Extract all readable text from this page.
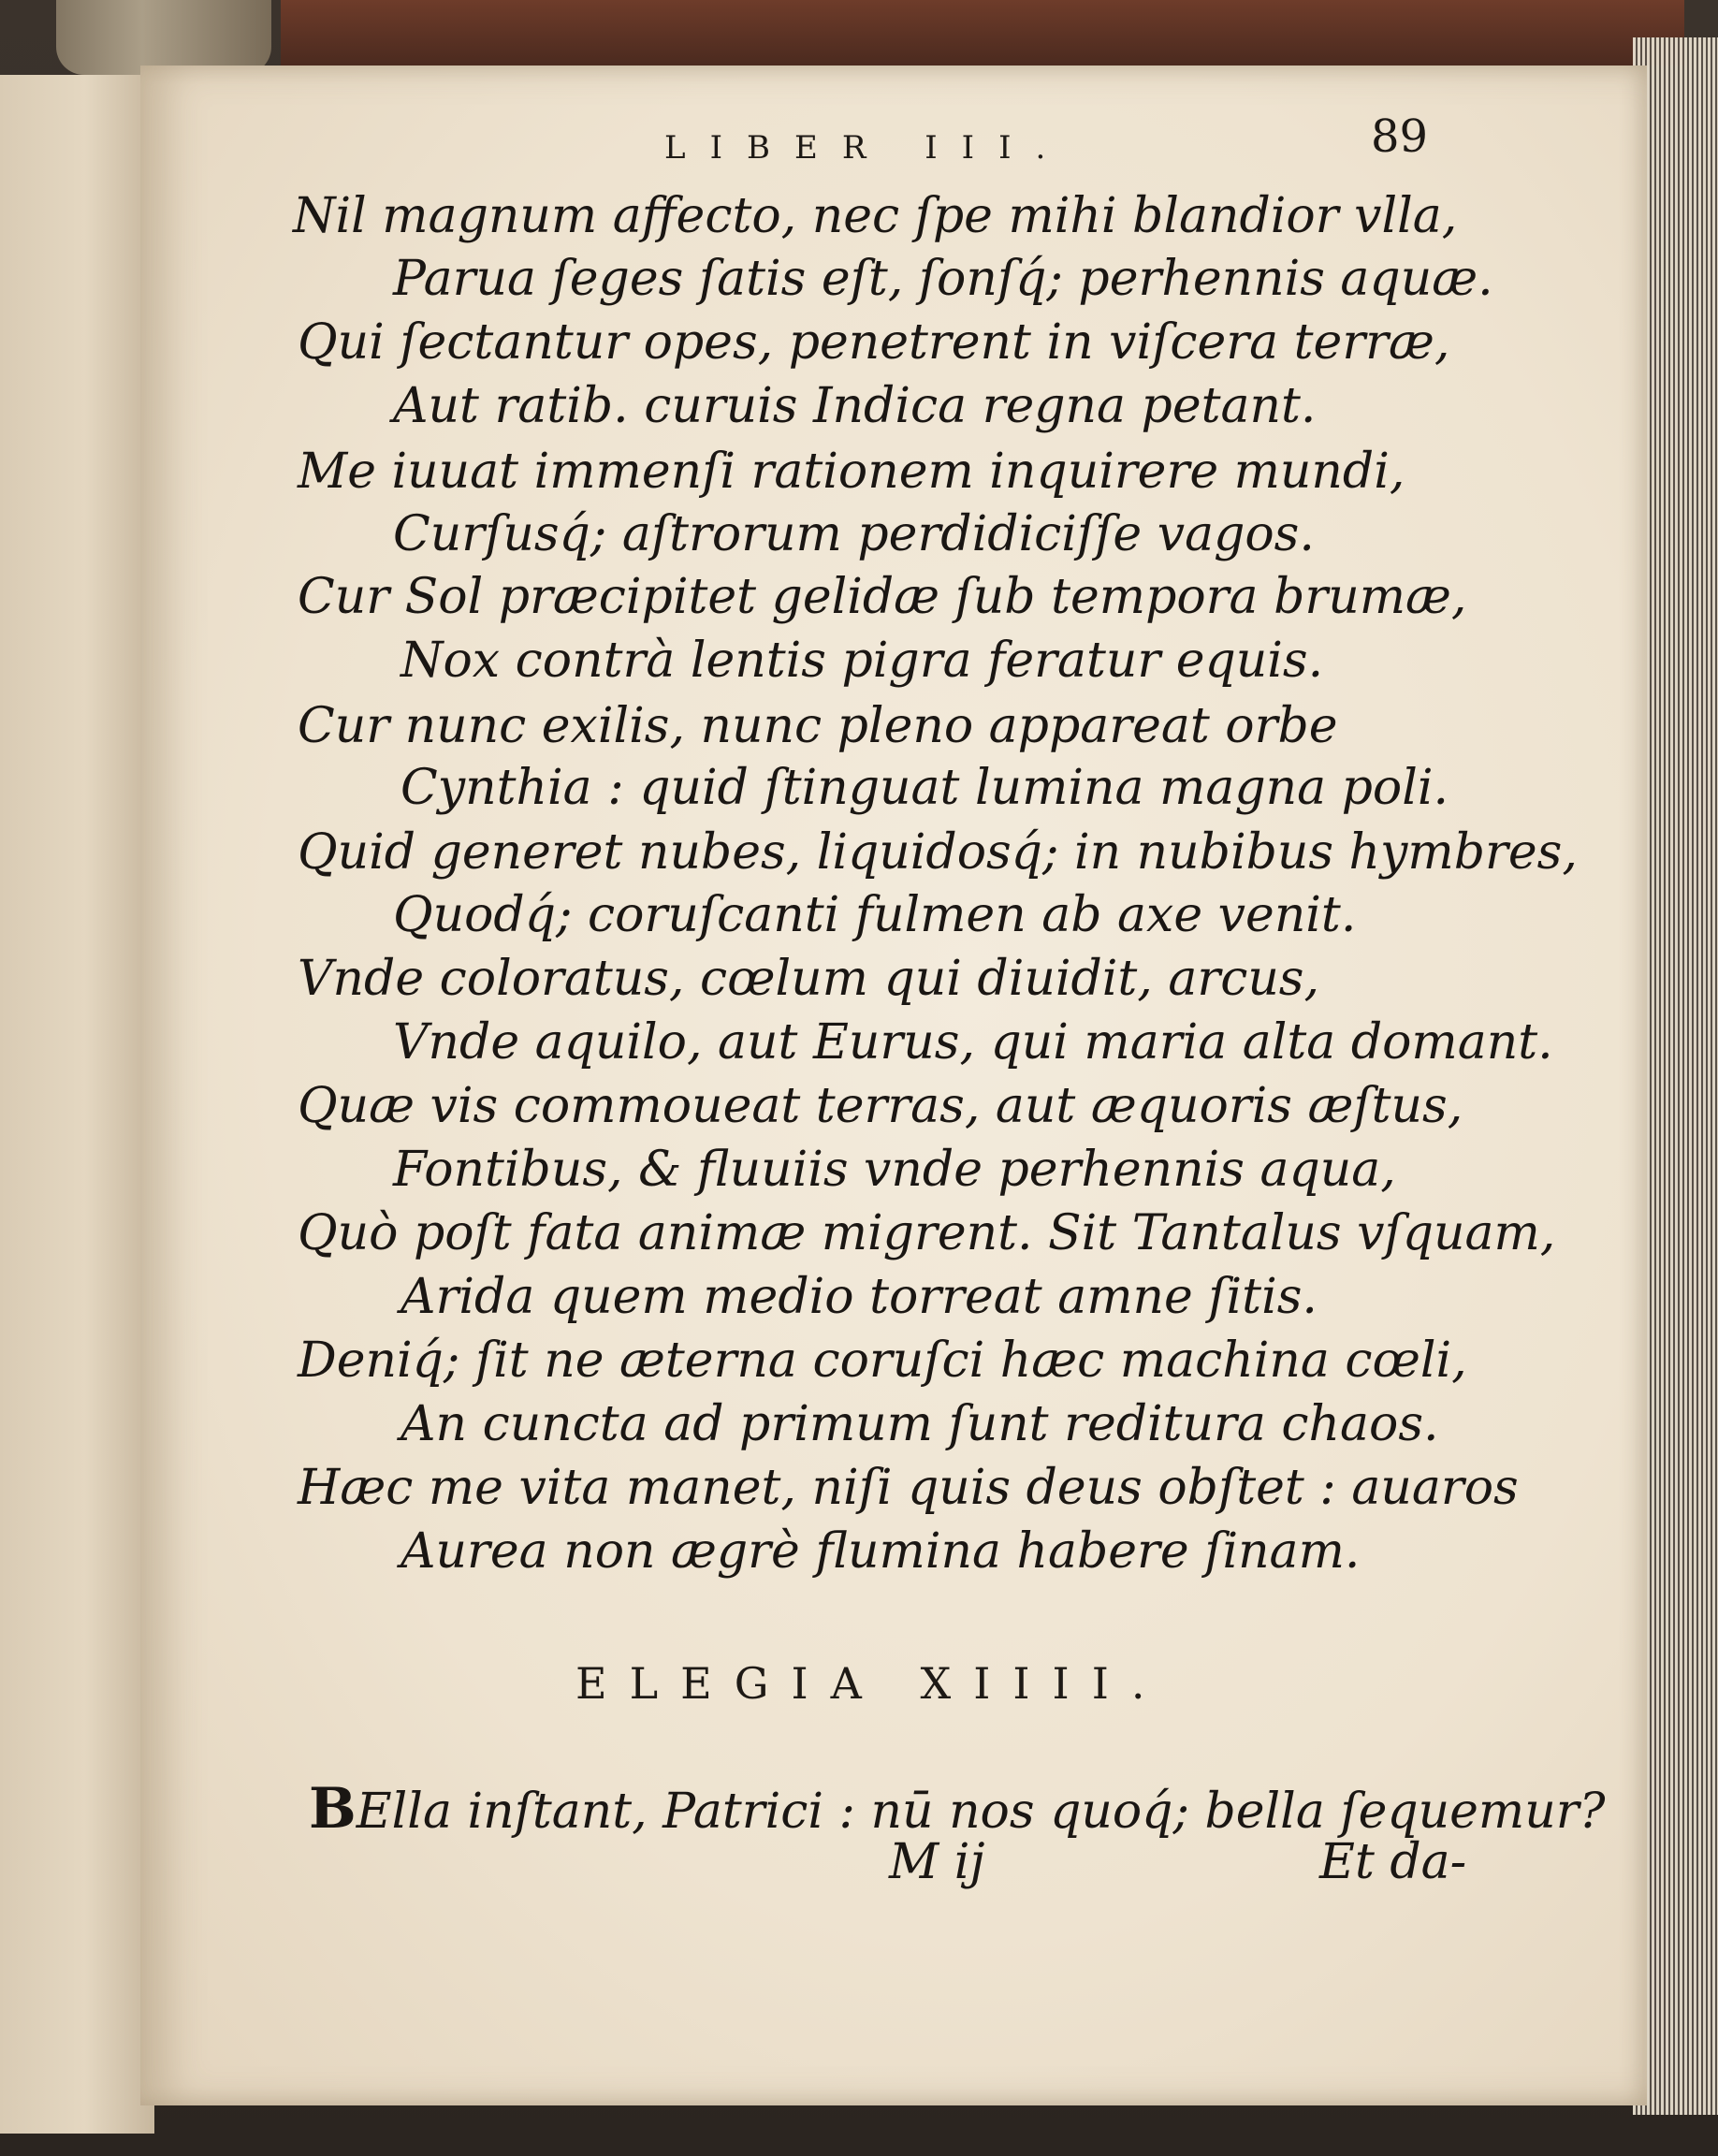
LIBER III.	89
Nil magnum affecto, nec ſpe mihi blandior vlla,
Parua ſeges ſatis eſt, ſonſq́; perhennis aquæ.
Qui ſectantur opes, penetrent in viſcera terræ,
Aut ratib. curuis Indica regna petant.
Me iuuat immenſi rationem inquirere mundi,
Curſusq́; aſtrorum perdidiciſſe vagos.
Cur Sol præcipitet gelidæ ſub tempora brumæ,
Nox contrà lentis pigra feratur equis.
Cur nunc exilis, nunc pleno appareat orbe
Cynthia : quid ſtinguat lumina magna poli.
Quid generet nubes, liquidosq́; in nubibus hymbres,
Quodq́; coruſcanti fulmen ab axe venit.
Vnde coloratus, cœlum qui diuidit, arcus,
Vnde aquilo, aut Eurus, qui maria alta domant.
Quæ vis commoueat terras, aut æquoris æſtus,
Fontibus, & fluuiis vnde perhennis aqua,
Quò poſt fata animæ migrent. Sit Tantalus vſquam,
Arida quem medio torreat amne ſitis.
Deniq́; ſit ne æterna coruſci hæc machina cœli,
An cuncta ad primum ſunt reditura chaos.
Hæc me vita manet, niſi quis deus obſtet : auaros
Aurea non ægrè flumina habere ſinam.
ELEGIA XIIII.
BElla inſtant, Patrici : nū nos quoq́; bella ſequemur?
M ij	Et da-
